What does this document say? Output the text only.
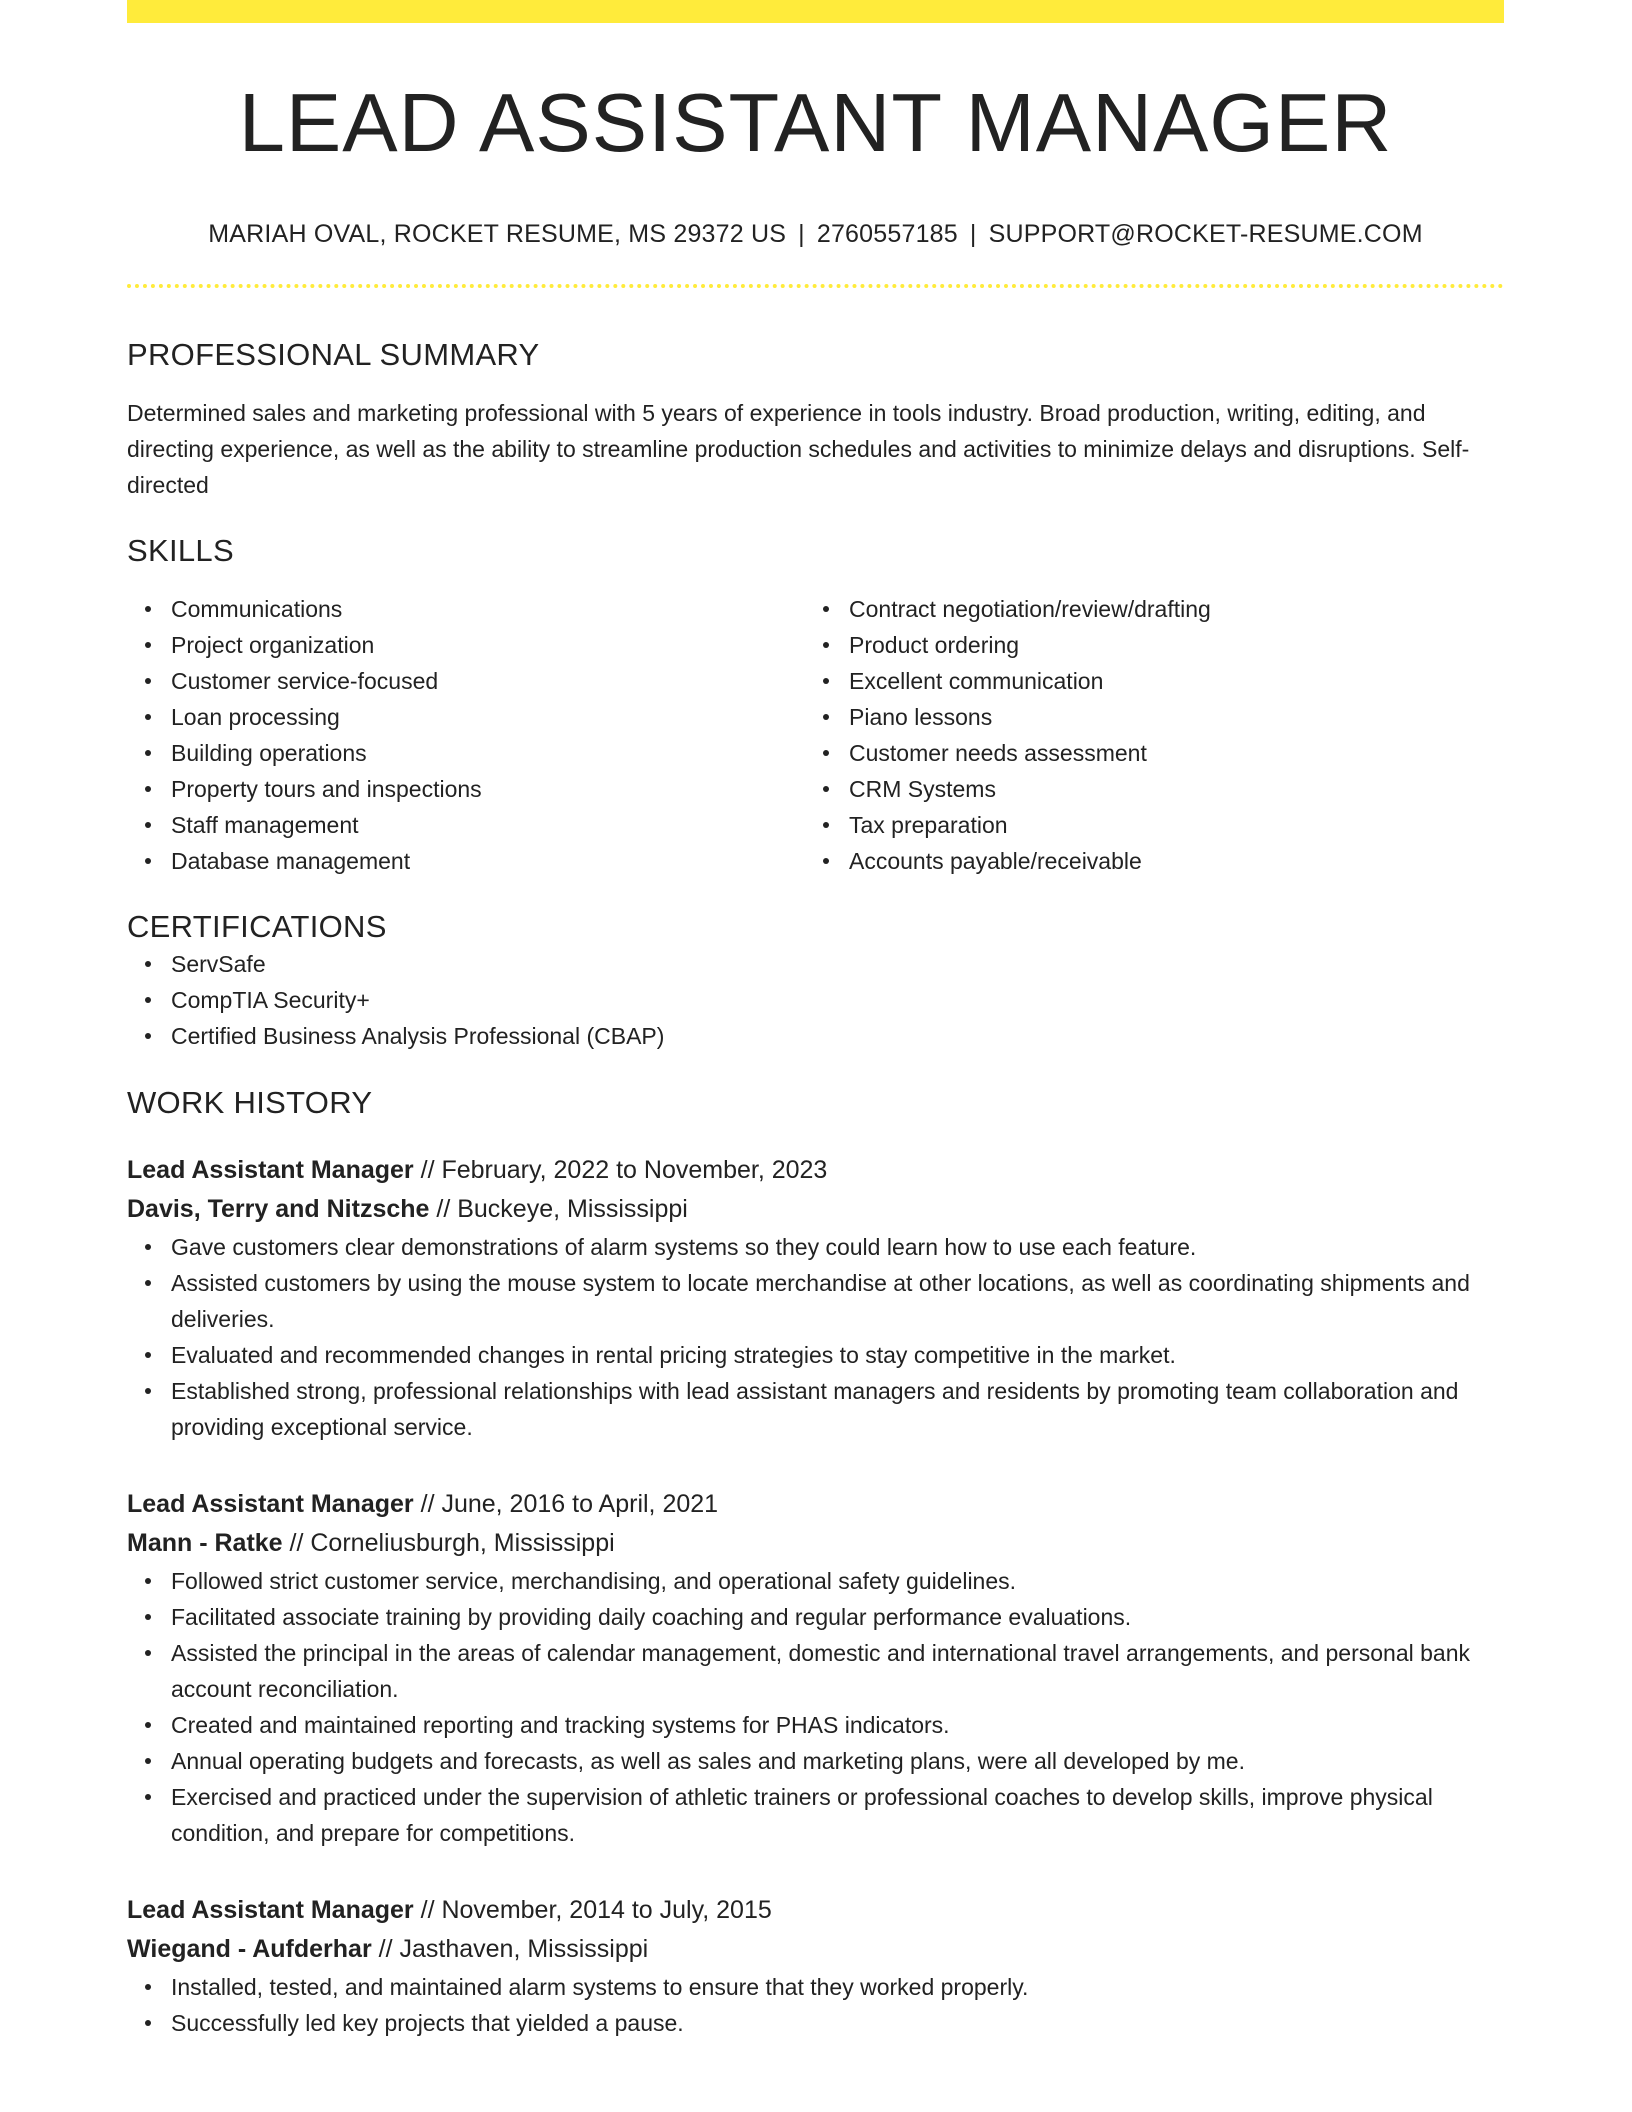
LEAD ASSISTANT MANAGER
MARIAH OVAL, ROCKET RESUME, MS 29372 US | 2760557185 | SUPPORT@ROCKET-RESUME.COM
PROFESSIONAL SUMMARY
Determined sales and marketing professional with 5 years of experience in tools industry. Broad production, writing, editing, and directing experience, as well as the ability to streamline production schedules and activities to minimize delays and disruptions. Self-directed
SKILLS
Communications
Project organization
Customer service-focused
Loan processing
Building operations
Property tours and inspections
Staff management
Database management
Contract negotiation/review/drafting
Product ordering
Excellent communication
Piano lessons
Customer needs assessment
CRM Systems
Tax preparation
Accounts payable/receivable
CERTIFICATIONS
ServSafe
CompTIA Security+
Certified Business Analysis Professional (CBAP)
WORK HISTORY
Lead Assistant Manager // February, 2022 to November, 2023
Davis, Terry and Nitzsche // Buckeye, Mississippi
Gave customers clear demonstrations of alarm systems so they could learn how to use each feature.
Assisted customers by using the mouse system to locate merchandise at other locations, as well as coordinating shipments and deliveries.
Evaluated and recommended changes in rental pricing strategies to stay competitive in the market.
Established strong, professional relationships with lead assistant managers and residents by promoting team collaboration and providing exceptional service.
Lead Assistant Manager // June, 2016 to April, 2021
Mann - Ratke // Corneliusburgh, Mississippi
Followed strict customer service, merchandising, and operational safety guidelines.
Facilitated associate training by providing daily coaching and regular performance evaluations.
Assisted the principal in the areas of calendar management, domestic and international travel arrangements, and personal bank account reconciliation.
Created and maintained reporting and tracking systems for PHAS indicators.
Annual operating budgets and forecasts, as well as sales and marketing plans, were all developed by me.
Exercised and practiced under the supervision of athletic trainers or professional coaches to develop skills, improve physical condition, and prepare for competitions.
Lead Assistant Manager // November, 2014 to July, 2015
Wiegand - Aufderhar // Jasthaven, Mississippi
Installed, tested, and maintained alarm systems to ensure that they worked properly.
Successfully led key projects that yielded a pause.
